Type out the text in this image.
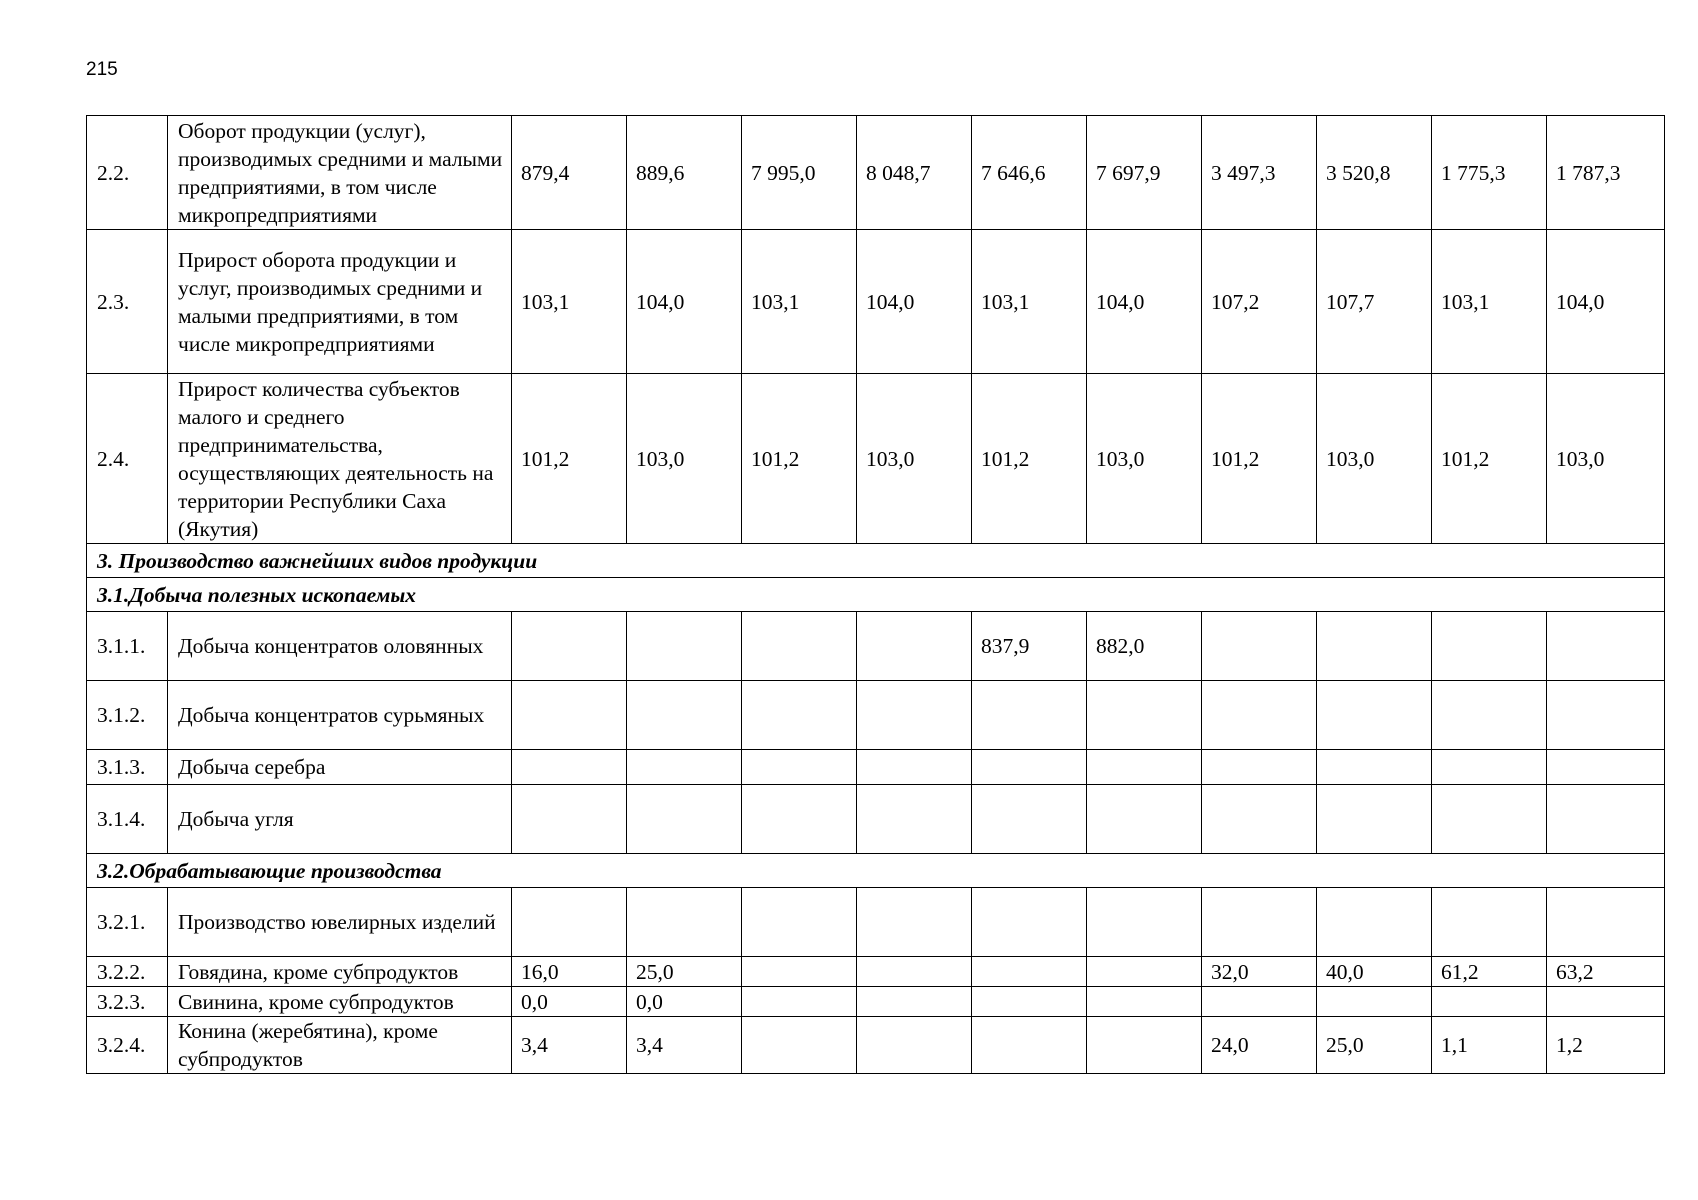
215
2.2.	Оборот продукции (услуг), производимых средними и малыми предприятиями, в том числе микропредприятиями	879,4	889,6	7 995,0	8 048,7	7 646,6	7 697,9	3 497,3	3 520,8	1 775,3	1 787,3
2.3.	Прирост оборота продукции и услуг, производимых средними и малыми предприятиями, в том числе микропредприятиями	103,1	104,0	103,1	104,0	103,1	104,0	107,2	107,7	103,1	104,0
2.4.	Прирост количества субъектов малого и среднего предпринимательства, осуществляющих деятельность на территории Республики Саха (Якутия)	101,2	103,0	101,2	103,0	101,2	103,0	101,2	103,0	101,2	103,0
3. Производство важнейших видов продукции											
3.1.Добыча полезных ископаемых											
3.1.1.	Добыча концентратов оловянных					837,9	882,0				
3.1.2.	Добыча концентратов сурьмяных										
3.1.3.	Добыча серебра										
3.1.4.	Добыча угля										
3.2.Обрабатывающие производства											
3.2.1.	Производство ювелирных изделий										
3.2.2.	Говядина, кроме субпродуктов	16,0	25,0					32,0	40,0	61,2	63,2
3.2.3.	Свинина, кроме субпродуктов	0,0	0,0								
3.2.4.	Конина (жеребятина), кроме субпродуктов	3,4	3,4					24,0	25,0	1,1	1,2
